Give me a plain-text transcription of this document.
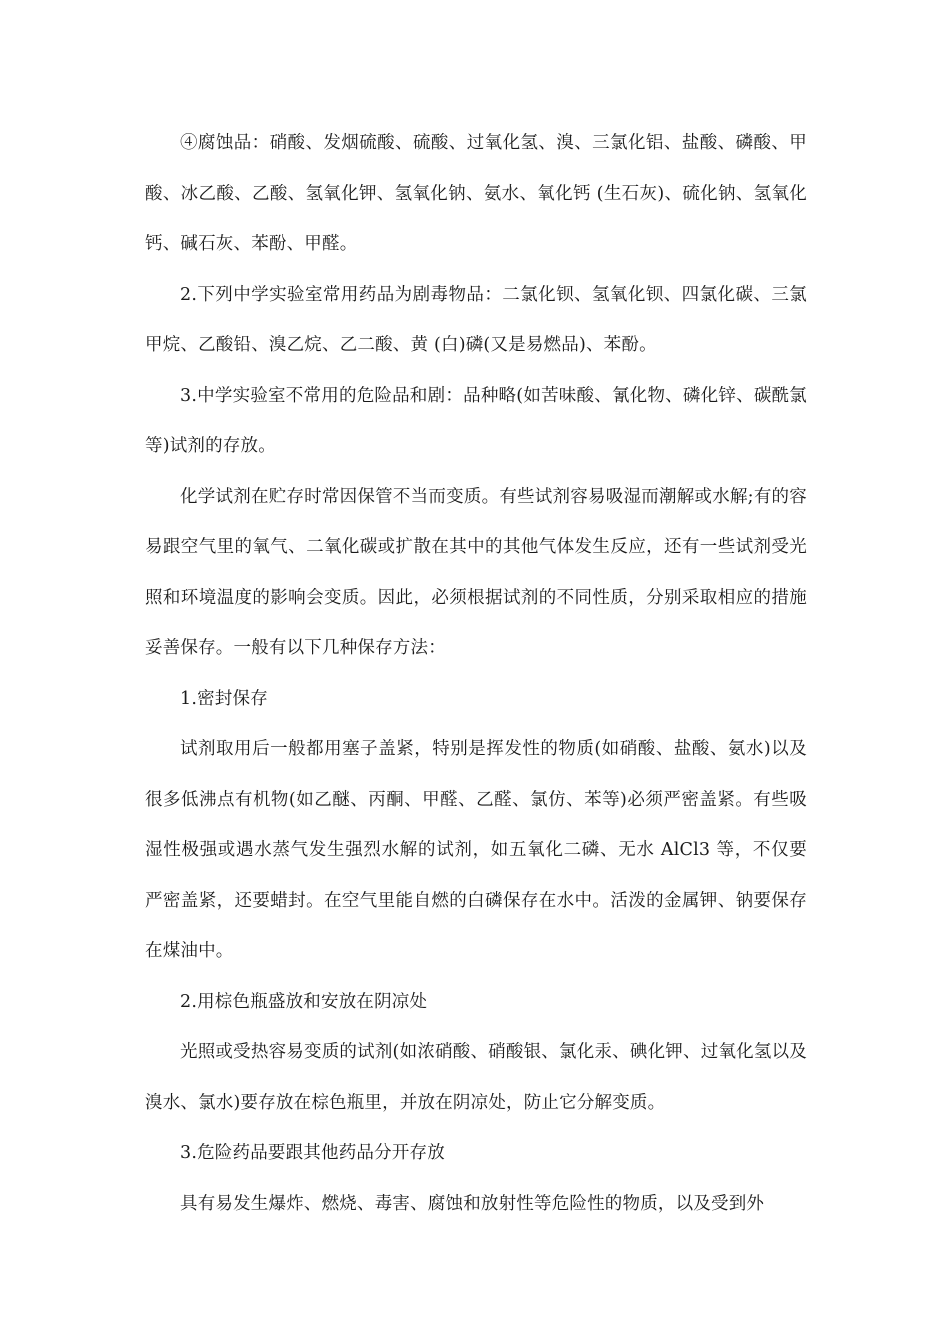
④腐蚀品：硝酸、发烟硫酸、硫酸、过氧化氢、溴、三氯化铝、盐酸、磷酸、甲酸、冰乙酸、乙酸、氢氧化钾、氢氧化钠、氨水、氧化钙 (生石灰)、硫化钠、氢氧化钙、碱石灰、苯酚、甲醛。

2.下列中学实验室常用药品为剧毒物品：二氯化钡、氢氧化钡、四氯化碳、三氯甲烷、乙酸铅、溴乙烷、乙二酸、黄 (白)磷(又是易燃品)、苯酚。

3.中学实验室不常用的危险品和剧：品种略(如苦味酸、氰化物、磷化锌、碳酰氯等)试剂的存放。

化学试剂在贮存时常因保管不当而变质。有些试剂容易吸湿而潮解或水解;有的容易跟空气里的氧气、二氧化碳或扩散在其中的其他气体发生反应，还有一些试剂受光照和环境温度的影响会变质。因此，必须根据试剂的不同性质，分别采取相应的措施妥善保存。一般有以下几种保存方法：

1.密封保存

试剂取用后一般都用塞子盖紧，特别是挥发性的物质(如硝酸、盐酸、氨水)以及很多低沸点有机物(如乙醚、丙酮、甲醛、乙醛、氯仿、苯等)必须严密盖紧。有些吸湿性极强或遇水蒸气发生强烈水解的试剂，如五氧化二磷、无水 AlCl3 等，不仅要严密盖紧，还要蜡封。在空气里能自燃的白磷保存在水中。活泼的金属钾、钠要保存在煤油中。

2.用棕色瓶盛放和安放在阴凉处

光照或受热容易变质的试剂(如浓硝酸、硝酸银、氯化汞、碘化钾、过氧化氢以及溴水、氯水)要存放在棕色瓶里，并放在阴凉处，防止它分解变质。

3.危险药品要跟其他药品分开存放

具有易发生爆炸、燃烧、毒害、腐蚀和放射性等危险性的物质，以及受到外
